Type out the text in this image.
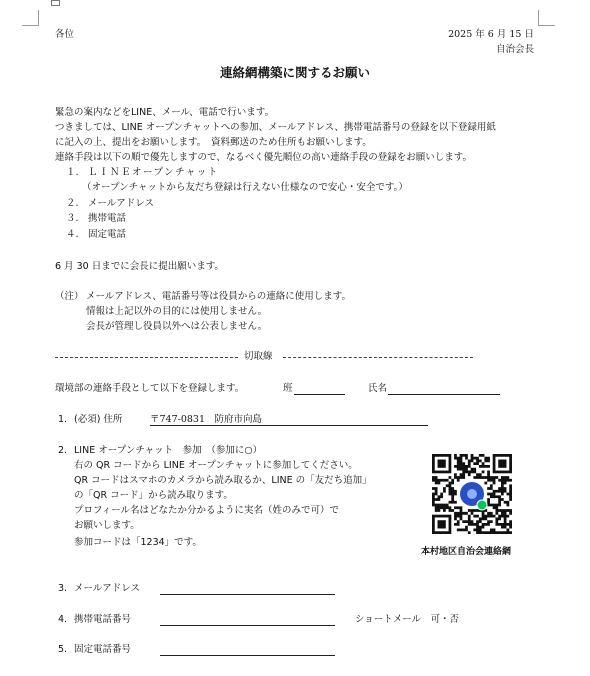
各位	2025 年 6 月 15 日
自治会長
連絡網構築に関するお願い
緊急の案内などをLINE、メール、電話で行います。
つきましては、LINE オープンチャットへの参加、メールアドレス、携帯電話番号の登録を以下登録用紙
に記入の上、提出をお願いします。　資料郵送のため住所もお願いします。
連絡手段は以下の順で優先しますので、なるべく優先順位の高い連絡手段の登録をお願いします。
１. ＬＩＮＥオープンチャット
（オープンチャットから友だち登録は行えない仕様なので安心・安全です。）
２. メールアドレス
３. 携帯電話
４. 固定電話
6 月 30 日までに会長に提出願います。
（注） メールアドレス、電話番号等は役員からの連絡に使用します。
情報は上記以外の目的には使用しません。
会長が管理し役員以外へは公表しません。
切取線
環境部の連絡手段として以下を登録します。	班	氏名
1. (必須) 住所	〒747-0831　防府市向島
2. LINE オープンチャット　参加　（参加に○）
右の QR コードから LINE オープンチャットに参加してください。
QR コードはスマホのカメラから読み取るか、LINE の「友だち追加」
の「QR コード」から読み取ります。
プロフィール名はどなたか分かるように実名（姓のみで可）で
お願いします。
参加コードは「1234」です。
本村地区自治会連絡網
3. メールアドレス
4. 携帯電話番号	ショートメール　可・否
5. 固定電話番号
